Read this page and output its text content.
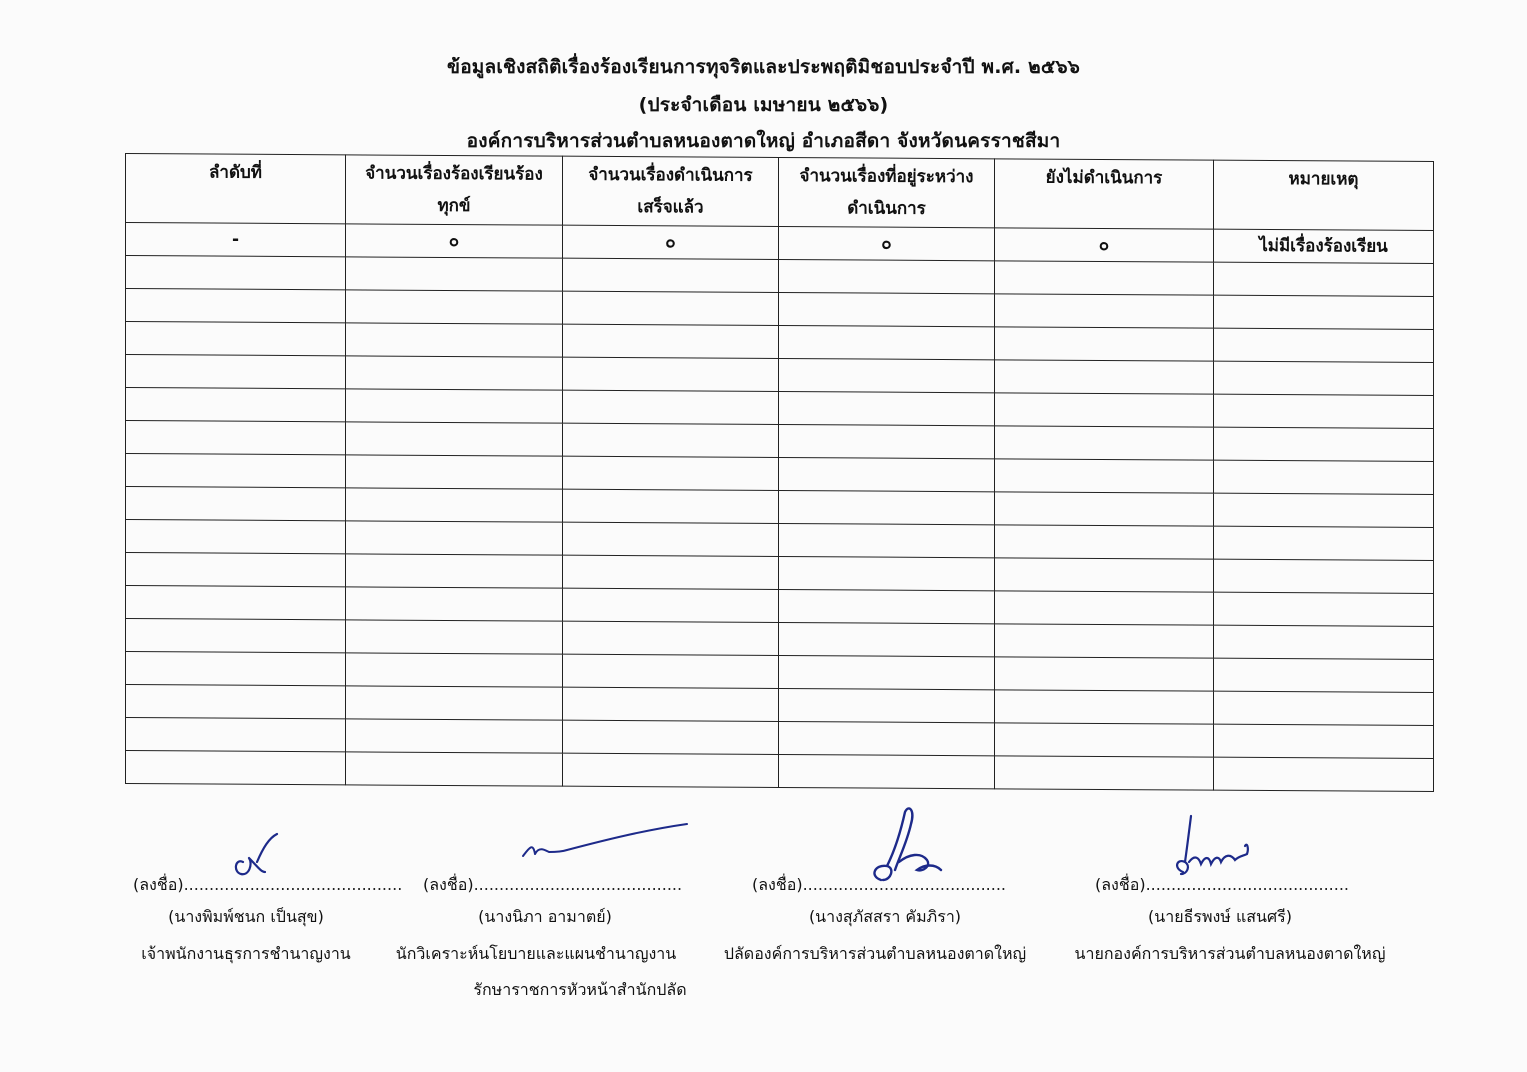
ข้อมูลเชิงสถิติเรื่องร้องเรียนการทุจริตและประพฤติมิชอบประจำปี พ.ศ. ๒๕๖๖
(ประจำเดือน เมษายน ๒๕๖๖)
องค์การบริหารส่วนตำบลหนองตาดใหญ่ อำเภอสีดา จังหวัดนครราชสีมา
ลำดับที่	จำนวนเรื่องร้องเรียนร้องทุกข์	จำนวนเรื่องดำเนินการเสร็จแล้ว	จำนวนเรื่องที่อยู่ระหว่างดำเนินการ	ยังไม่ดำเนินการ	หมายเหตุ
-	๐	๐	๐	๐	ไม่มีเรื่องร้องเรียน

(ลงชื่อ)...........................................
(นางพิมพ์ชนก เป็นสุข)
เจ้าพนักงานธุรการชำนาญงาน
(ลงชื่อ).........................................
(นางนิภา อามาตย์)
นักวิเคราะห์นโยบายและแผนชำนาญงาน
รักษาราชการหัวหน้าสำนักปลัด
(ลงชื่อ)........................................
(นางสุภัสสรา คัมภิรา)
ปลัดองค์การบริหารส่วนตำบลหนองตาดใหญ่
(ลงชื่อ)........................................
(นายธีรพงษ์ แสนศรี)
นายกองค์การบริหารส่วนตำบลหนองตาดใหญ่
